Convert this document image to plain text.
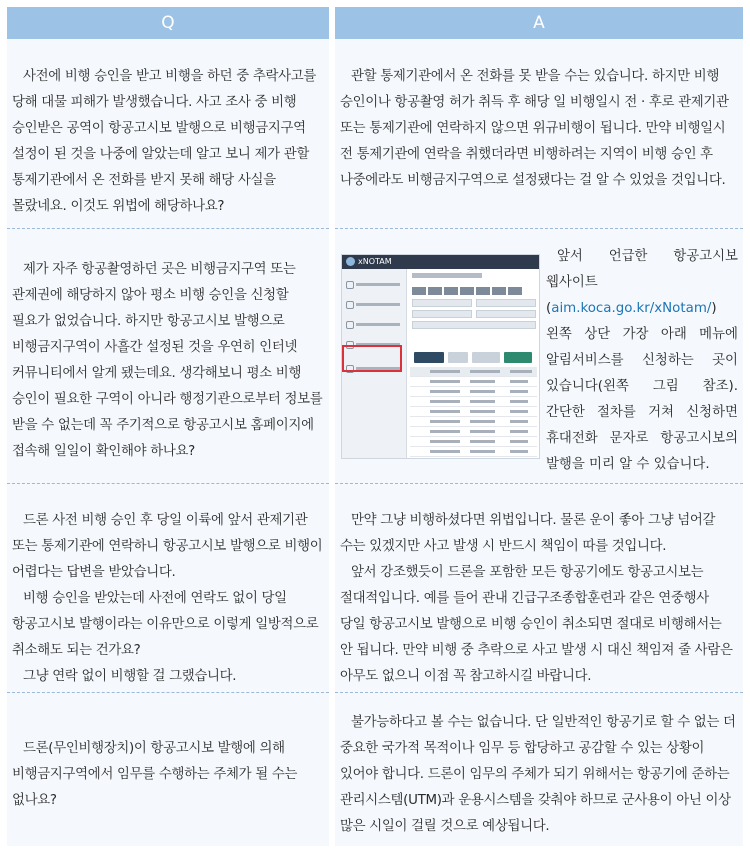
Q	A

사전에 비행 승인을 받고 비행을 하던 중 추락사고를 당해 대물 피해가 발생했습니다. 사고 조사 중 비행 승인받은 공역이 항공고시보 발행으로 비행금지구역 설정이 된 것을 나중에 알았는데 알고 보니 제가 관할 통제기관에서 온 전화를 받지 못해 해당 사실을 몰랐네요. 이것도 위법에 해당하나요?

관할 통제기관에서 온 전화를 못 받을 수는 있습니다. 하지만 비행 승인이나 항공촬영 허가 취득 후 해당 일 비행일시 전 · 후로 관제기관 또는 통제기관에 연락하지 않으면 위규비행이 됩니다. 만약 비행일시 전 통제기관에 연락을 취했더라면 비행하려는 지역이 비행 승인 후 나중에라도 비행금지구역으로 설정됐다는 걸 알 수 있었을 것입니다.

제가 자주 항공촬영하던 곳은 비행금지구역 또는 관제권에 해당하지 않아 평소 비행 승인을 신청할 필요가 없었습니다. 하지만 항공고시보 발행으로 비행금지구역이 사흘간 설정된 것을 우연히 인터넷 커뮤니티에서 알게 됐는데요. 생각해보니 평소 비행 승인이 필요한 구역이 아니라 행정기관으로부터 정보를 받을 수 없는데 꼭 주기적으로 항공고시보 홈페이지에 접속해 일일이 확인해야 하나요?

xNOTAM	앞서 언급한 항공고시보 웹사이트(aim.koca.go.kr/xNotam/) 왼쪽 상단 가장 아래 메뉴에 알림서비스를 신청하는 곳이 있습니다(왼쪽 그림 참조). 간단한 절차를 거쳐 신청하면 휴대전화 문자로 항공고시보의 발행을 미리 알 수 있습니다.

드론 사전 비행 승인 후 당일 이륙에 앞서 관제기관 또는 통제기관에 연락하니 항공고시보 발행으로 비행이 어렵다는 답변을 받았습니다.

비행 승인을 받았는데 사전에 연락도 없이 당일 항공고시보 발행이라는 이유만으로 이렇게 일방적으로 취소해도 되는 건가요?

그냥 연락 없이 비행할 걸 그랬습니다.

만약 그냥 비행하셨다면 위법입니다. 물론 운이 좋아 그냥 넘어갈 수는 있겠지만 사고 발생 시 반드시 책임이 따를 것입니다.

앞서 강조했듯이 드론을 포함한 모든 항공기에도 항공고시보는 절대적입니다. 예를 들어 관내 긴급구조종합훈련과 같은 연중행사 당일 항공고시보 발행으로 비행 승인이 취소되면 절대로 비행해서는 안 됩니다. 만약 비행 중 추락으로 사고 발생 시 대신 책임져 줄 사람은 아무도 없으니 이점 꼭 참고하시길 바랍니다.

드론(무인비행장치)이 항공고시보 발행에 의해 비행금지구역에서 임무를 수행하는 주체가 될 수는 없나요?

불가능하다고 볼 수는 없습니다. 단 일반적인 항공기로 할 수 없는 더 중요한 국가적 목적이나 임무 등 합당하고 공감할 수 있는 상황이 있어야 합니다. 드론이 임무의 주체가 되기 위해서는 항공기에 준하는 관리시스템(UTM)과 운용시스템을 갖춰야 하므로 군사용이 아닌 이상 많은 시일이 걸릴 것으로 예상됩니다.
